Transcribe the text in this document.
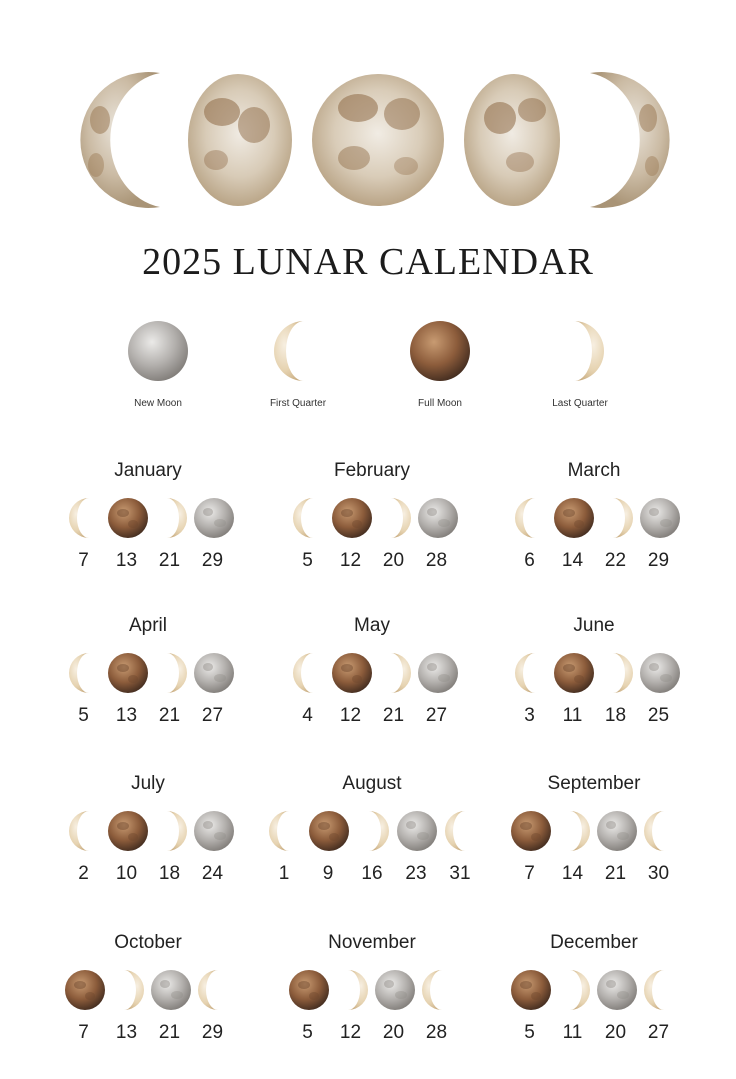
2025 LUNAR CALENDAR
New Moon	First Quarter	Full Moon	Last Quarter
January
7	13	21	29
February
5	12	20	28
March
6	14	22	29
April
5	13	21	27
May
4	12	21	27
June
3	11	18	25
July
2	10	18	24
August
1	9	16	23	31
September
7	14	21	30
October
7	13	21	29
November
5	12	20	28
December
5	11	20	27
